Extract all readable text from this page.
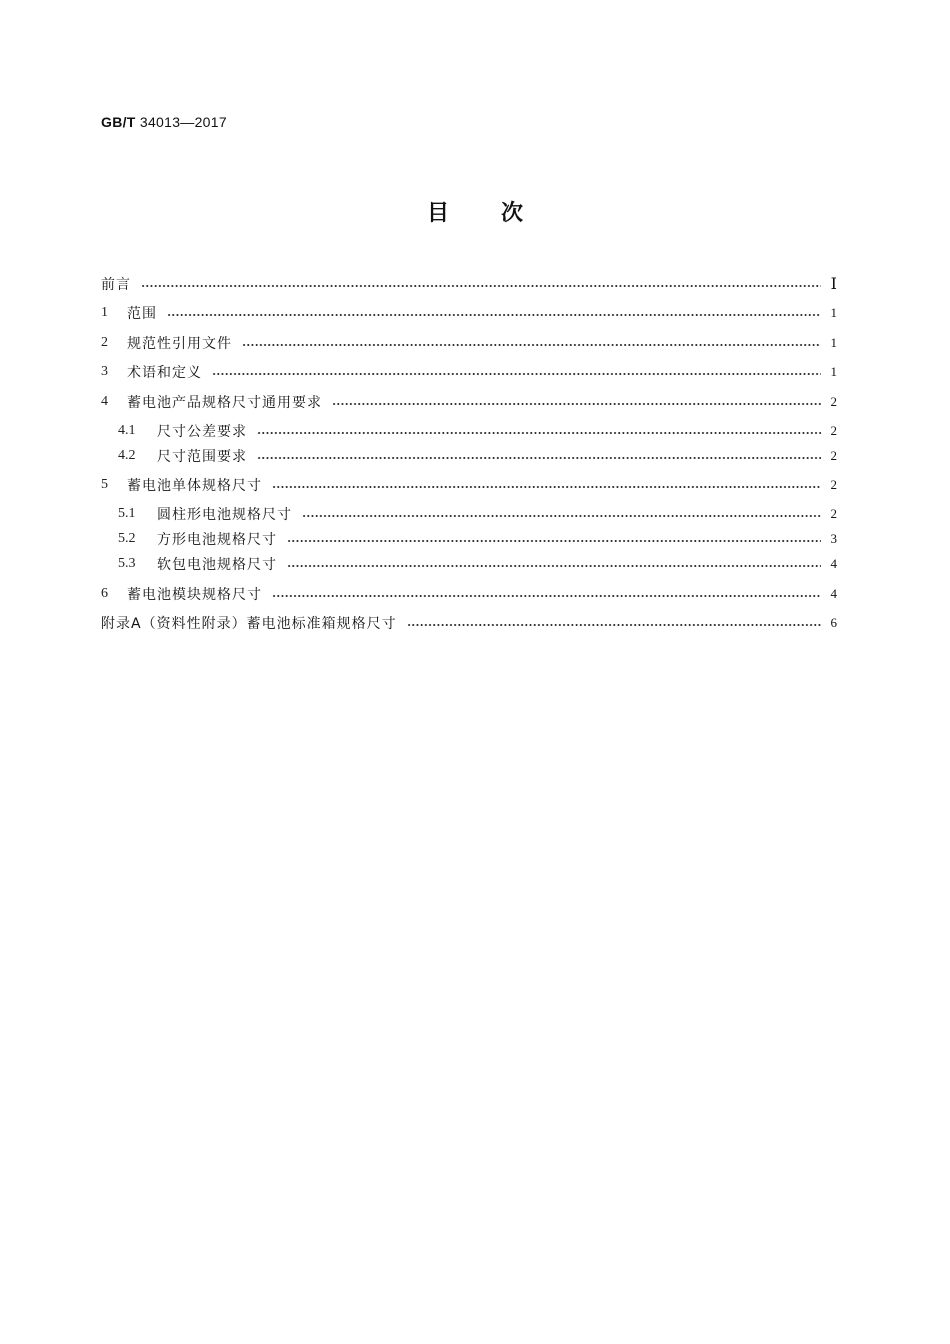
GB/T 34013—2017
目次
前言	Ⅰ
1	范围	1
2	规范性引用文件	1
3	术语和定义	1
4	蓄电池产品规格尺寸通用要求	2
4.1	尺寸公差要求	2
4.2	尺寸范围要求	2
5	蓄电池单体规格尺寸	2
5.1	圆柱形电池规格尺寸	2
5.2	方形电池规格尺寸	3
5.3	软包电池规格尺寸	4
6	蓄电池模块规格尺寸	4
附录A（资料性附录）蓄电池标准箱规格尺寸	6
